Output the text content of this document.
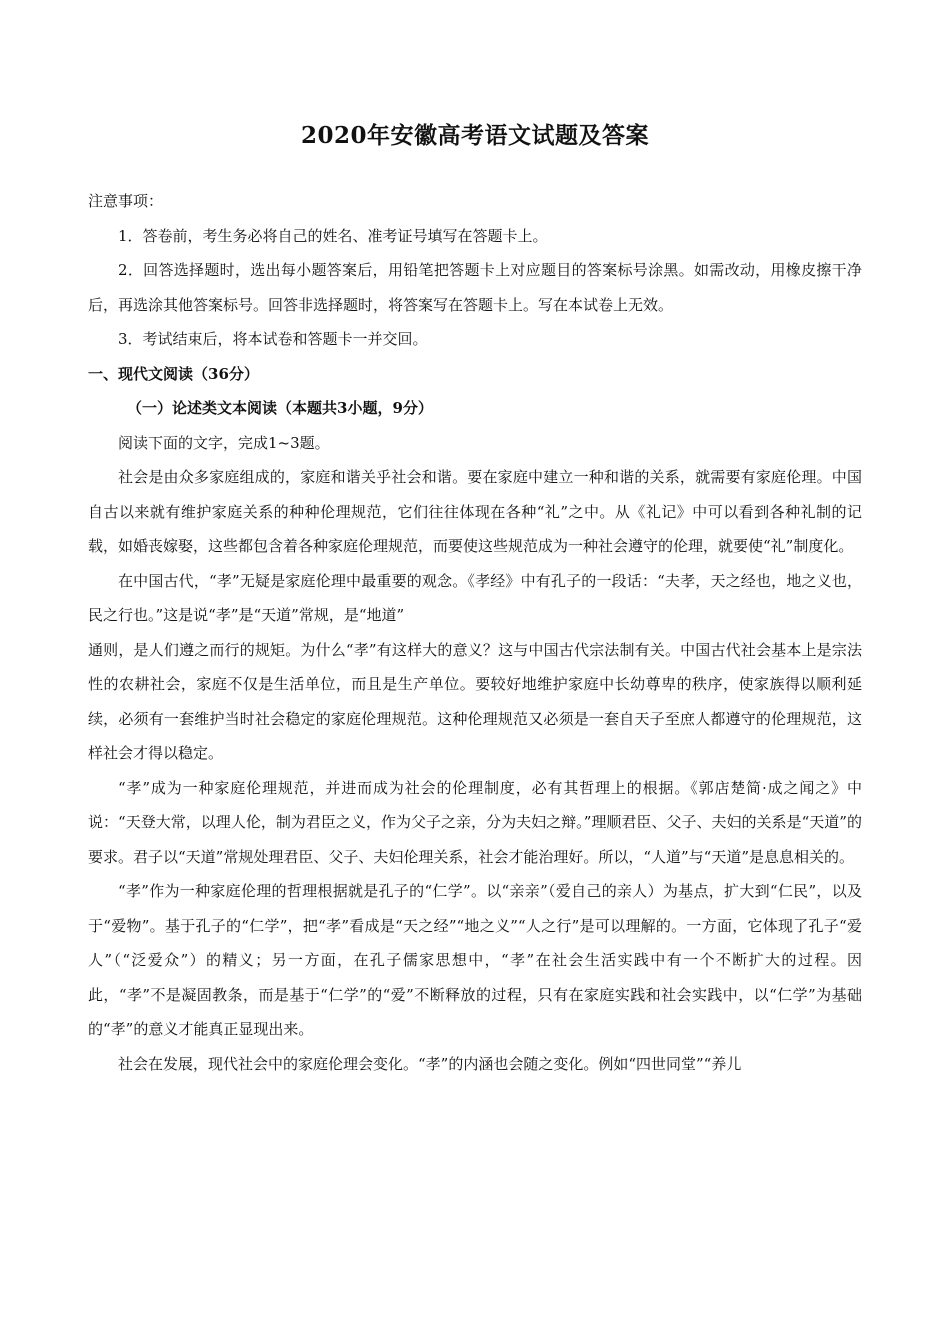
2020年安徽高考语文试题及答案

注意事项：

1．答卷前，考生务必将自己的姓名、准考证号填写在答题卡上。

2．回答选择题时，选出每小题答案后，用铅笔把答题卡上对应题目的答案标号涂黑。如需改动，用橡皮擦干净后，再选涂其他答案标号。回答非选择题时，将答案写在答题卡上。写在本试卷上无效。

3．考试结束后，将本试卷和答题卡一并交回。

一、现代文阅读（36分）

（一）论述类文本阅读（本题共3小题，9分）

阅读下面的文字，完成1~3题。

社会是由众多家庭组成的，家庭和谐关乎社会和谐。要在家庭中建立一种和谐的关系，就需要有家庭伦理。中国自古以来就有维护家庭关系的种种伦理规范，它们往往体现在各种“礼”之中。从《礼记》中可以看到各种礼制的记载，如婚丧嫁娶，这些都包含着各种家庭伦理规范，而要使这些规范成为一种社会遵守的伦理，就要使“礼”制度化。

在中国古代，“孝”无疑是家庭伦理中最重要的观念。《孝经》中有孔子的一段话：“夫孝，天之经也，地之义也，民之行也。”这是说“孝”是“天道”常规，是“地道”

通则，是人们遵之而行的规矩。为什么“孝”有这样大的意义？这与中国古代宗法制有关。中国古代社会基本上是宗法性的农耕社会，家庭不仅是生活单位，而且是生产单位。要较好地维护家庭中长幼尊卑的秩序，使家族得以顺利延续，必须有一套维护当时社会稳定的家庭伦理规范。这种伦理规范又必须是一套自天子至庶人都遵守的伦理规范，这样社会才得以稳定。

“孝”成为一种家庭伦理规范，并进而成为社会的伦理制度，必有其哲理上的根据。《郭店楚简·成之闻之》中说：“天登大常，以理人伦，制为君臣之义，作为父子之亲，分为夫妇之辩。”理顺君臣、父子、夫妇的关系是“天道”的要求。君子以“天道”常规处理君臣、父子、夫妇伦理关系，社会才能治理好。所以，“人道”与“天道”是息息相关的。

“孝”作为一种家庭伦理的哲理根据就是孔子的“仁学”。以“亲亲”（爱自己的亲人）为基点，扩大到“仁民”，以及于“爱物”。基于孔子的“仁学”，把“孝”看成是“天之经”“地之义”“人之行”是可以理解的。一方面，它体现了孔子“爱人”（“泛爱众”）的精义；另一方面，在孔子儒家思想中，“孝”在社会生活实践中有一个不断扩大的过程。因此，“孝”不是凝固教条，而是基于“仁学”的“爱”不断释放的过程，只有在家庭实践和社会实践中，以“仁学”为基础的“孝”的意义才能真正显现出来。

社会在发展，现代社会中的家庭伦理会变化。“孝”的内涵也会随之变化。例如“四世同堂”“养儿
